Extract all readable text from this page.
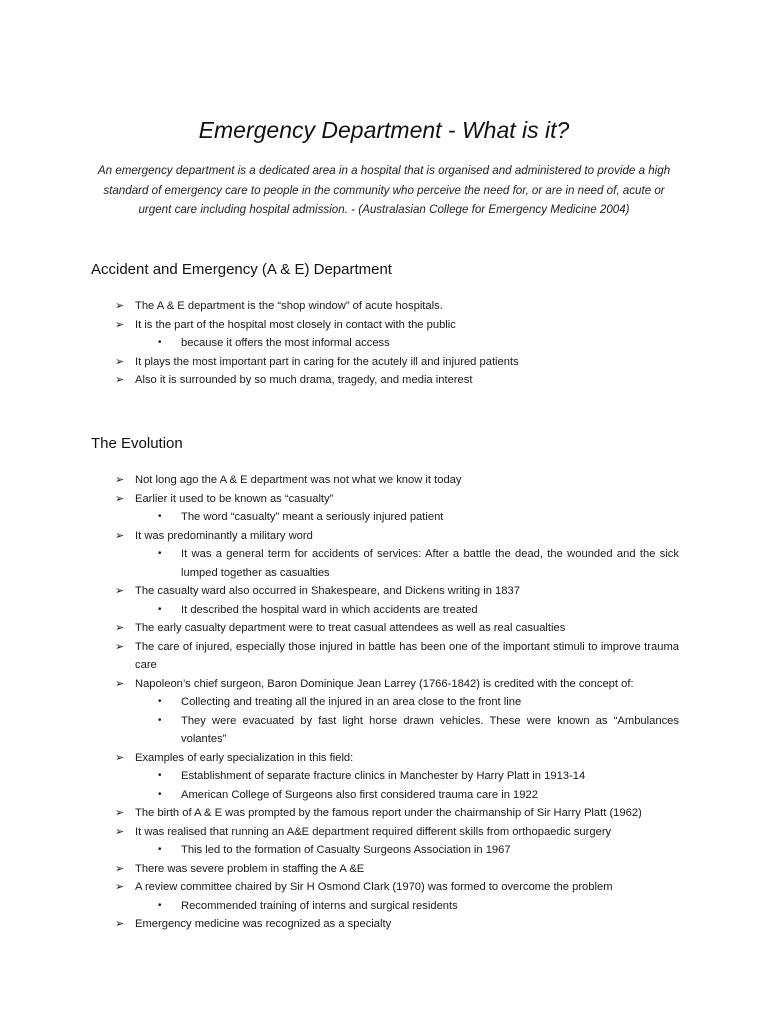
Emergency Department - What is it?
An emergency department is a dedicated area in a hospital that is organised and administered to provide a high standard of emergency care to people in the community who perceive the need for, or are in need of, acute or urgent care including hospital admission. - (Australasian College for Emergency Medicine 2004)
Accident and Emergency (A & E) Department
➢ The A & E department is the “shop window” of acute hospitals.
➢ It is the part of the hospital most closely in contact with the public
• because it offers the most informal access
➢ It plays the most important part in caring for the acutely ill and injured patients
➢ Also it is surrounded by so much drama, tragedy, and media interest
The Evolution
➢ Not long ago the A & E department was not what we know it today
➢ Earlier it used to be known as “casualty”
• The word “casualty” meant a seriously injured patient
➢ It was predominantly a military word
• It was a general term for accidents of services: After a battle the dead, the wounded and the sick lumped together as casualties
➢ The casualty ward also occurred in Shakespeare, and Dickens writing in 1837
• It described the hospital ward in which accidents are treated
➢ The early casualty department were to treat casual attendees as well as real casualties
➢ The care of injured, especially those injured in battle has been one of the important stimuli to improve trauma care
➢ Napoleon’s chief surgeon, Baron Dominique Jean Larrey (1766-1842) is credited with the concept of:
• Collecting and treating all the injured in an area close to the front line
• They were evacuated by fast light horse drawn vehicles. These were known as “Ambulances volantes”
➢ Examples of early specialization in this field:
• Establishment of separate fracture clinics in Manchester by Harry Platt in 1913-14
• American College of Surgeons also first considered trauma care in 1922
➢ The birth of A & E was prompted by the famous report under the chairmanship of Sir Harry Platt (1962)
➢ It was realised that running an A&E department required different skills from orthopaedic surgery
• This led to the formation of Casualty Surgeons Association in 1967
➢ There was severe problem in staffing the A &E
➢ A review committee chaired by Sir H Osmond Clark (1970) was formed to overcome the problem
• Recommended training of interns and surgical residents
➢ Emergency medicine was recognized as a specialty
